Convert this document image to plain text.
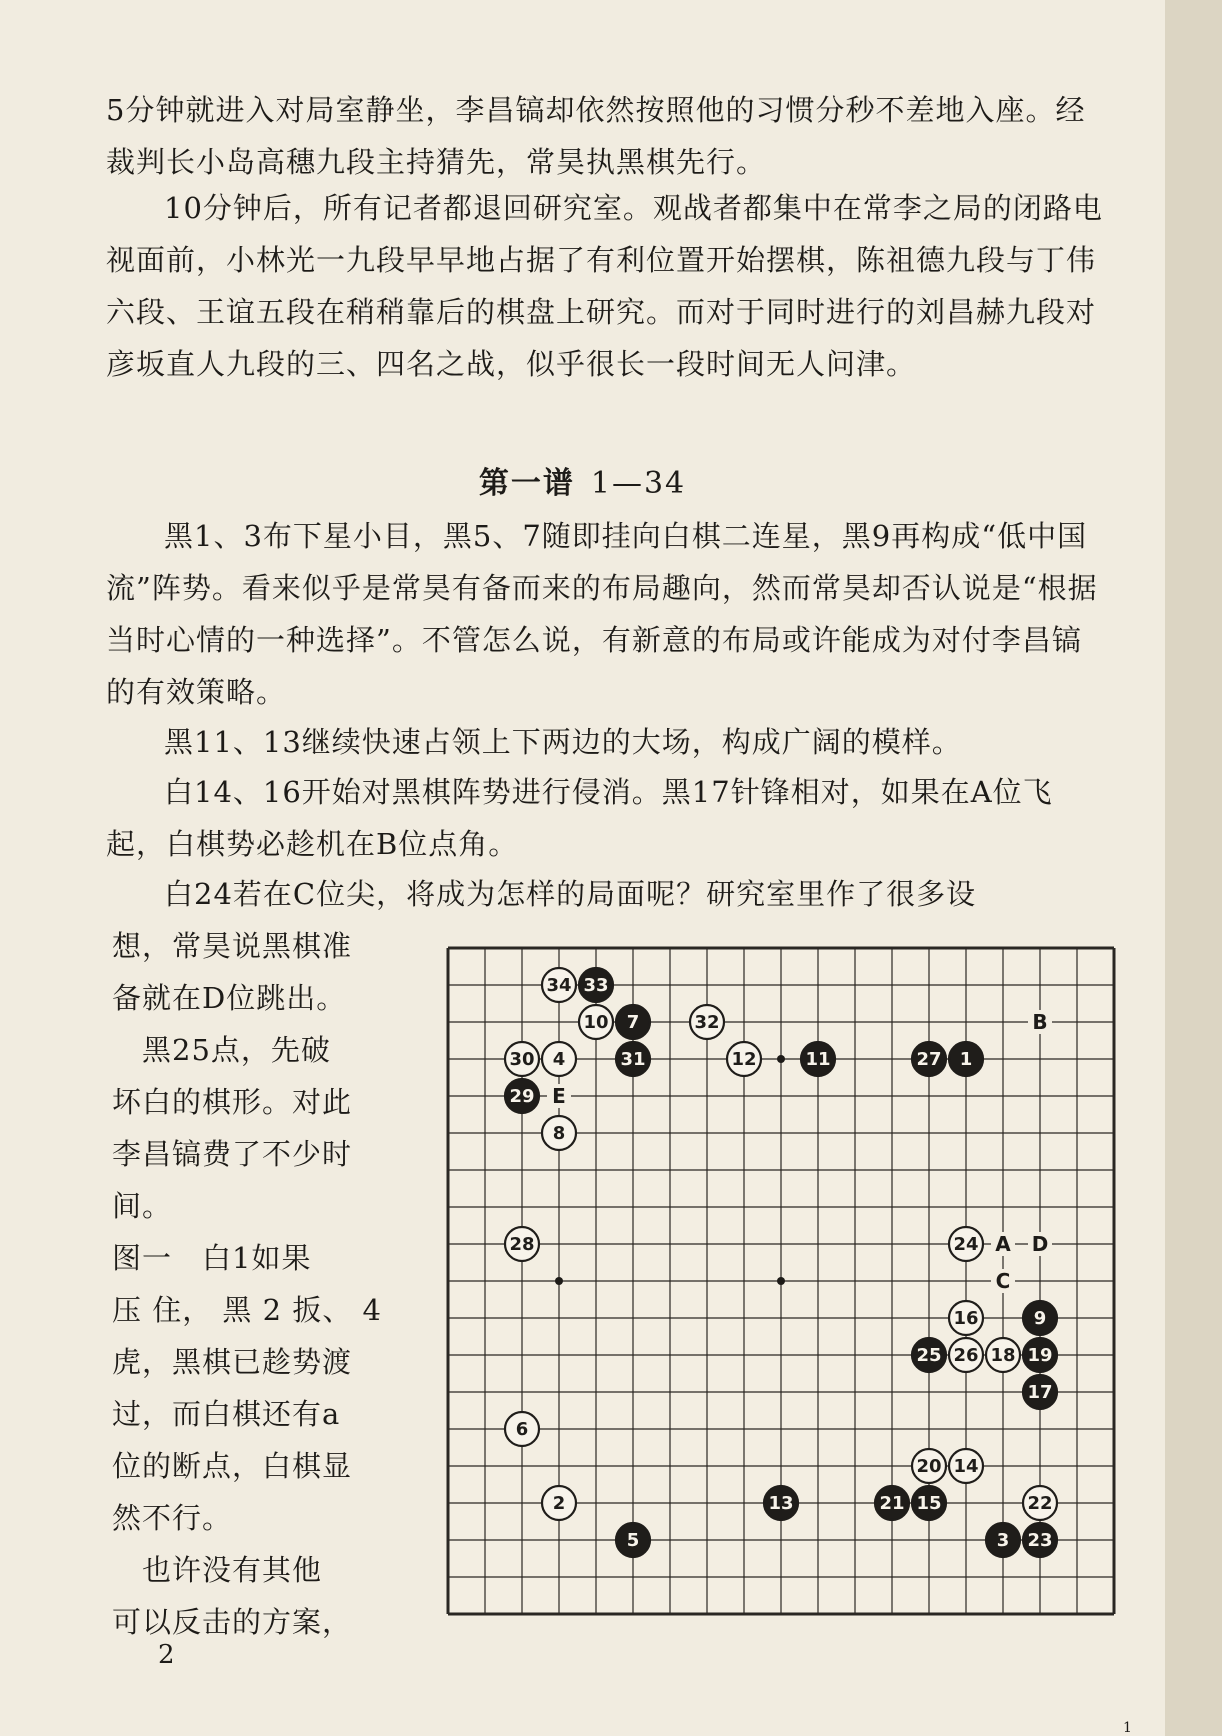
5分钟就进入对局室静坐，李昌镐却依然按照他的习惯分秒不差地入座。经裁判长小岛高穗九段主持猜先，常昊执黑棋先行。

10分钟后，所有记者都退回研究室。观战者都集中在常李之局的闭路电视面前，小林光一九段早早地占据了有利位置开始摆棋，陈祖德九段与丁伟六段、王谊五段在稍稍靠后的棋盘上研究。而对于同时进行的刘昌赫九段对彦坂直人九段的三、四名之战，似乎很长一段时间无人问津。

第一谱 1—34

黑1、3布下星小目，黑5、7随即挂向白棋二连星，黑9再构成“低中国流”阵势。看来似乎是常昊有备而来的布局趣向，然而常昊却否认说是“根据当时心情的一种选择”。不管怎么说，有新意的布局或许能成为对付李昌镐的有效策略。

黑11、13继续快速占领上下两边的大场，构成广阔的模样。

白14、16开始对黑棋阵势进行侵消。黑17针锋相对，如果在A位飞起，白棋势必趁机在B位点角。

白24若在C位尖，将成为怎样的局面呢？研究室里作了很多设

想，常昊说黑棋准
备就在D位跳出。
　黑25点，先破
坏白的棋形。对此
李昌镐费了不少时
间。
图一　白1如果
压 住， 黑 2 扳、 4
虎，黑棋已趁势渡
过，而白棋还有a
位的断点，白棋显
然不行。
　也许没有其他
可以反击的方案，
A
B
C
D
E
1
2
3
4
5
6
7
8
9
10
11
12
13
14
15
16
17
18 19
20
21	22
23
24
25 26
27
28
29
30	31
32
33
34
2
1
